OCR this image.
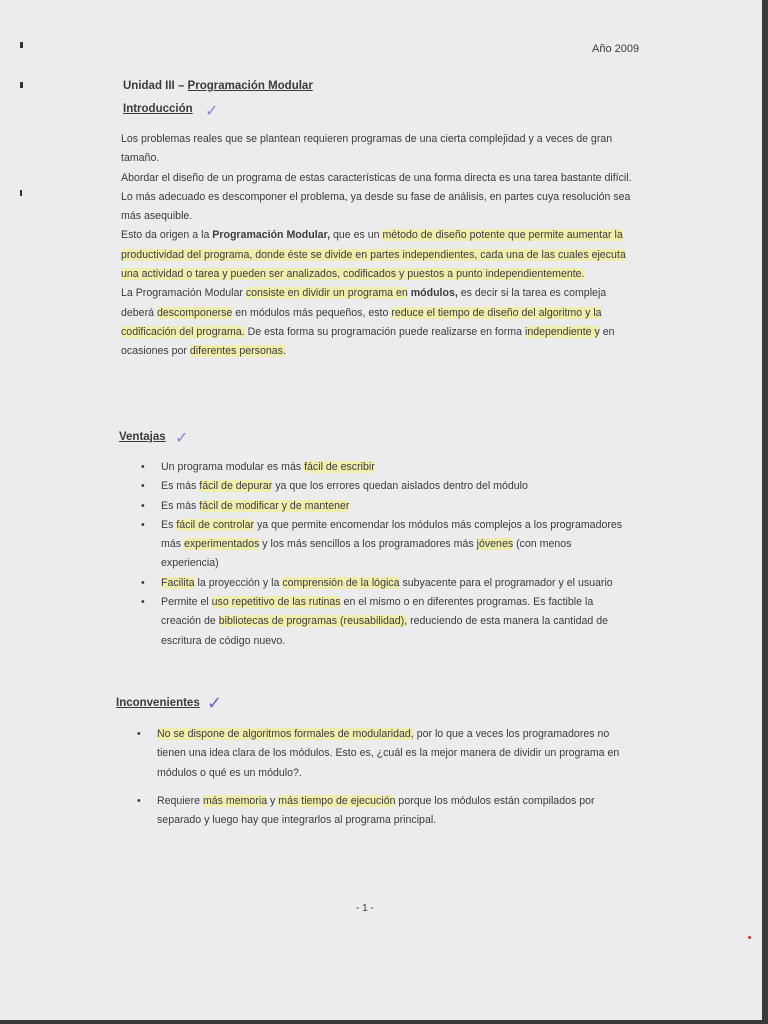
Año 2009
Unidad III – Programación Modular
Introducción ✓

Los problemas reales que se plantean requieren programas de una cierta complejidad y a veces de gran tamaño.

Abordar el diseño de un programa de estas características de una forma directa es una tarea bastante difícil.

Lo más adecuado es descomponer el problema, ya desde su fase de análisis, en partes cuya resolución sea más asequible.

Esto da origen a la Programación Modular, que es un método de diseño potente que permite aumentar la productividad del programa, donde éste se divide en partes independientes, cada una de las cuales ejecuta una actividad o tarea y pueden ser analizados, codificados y puestos a punto independientemente.

La Programación Modular consiste en dividir un programa en módulos, es decir si la tarea es compleja deberá descomponerse en módulos más pequeños, esto reduce el tiempo de diseño del algoritmo y la codificación del programa. De esta forma su programación puede realizarse en forma independiente y en ocasiones por diferentes personas.

Ventajas ✓
• Un programa modular es más fácil de escribir
• Es más fácil de depurar ya que los errores quedan aislados dentro del módulo
• Es más fácil de modificar y de mantener
• Es fácil de controlar ya que permite encomendar los módulos más complejos a los programadores más experimentados y los más sencillos a los programadores más jóvenes (con menos experiencia)
• Facilita la proyección y la comprensión de la lógica subyacente para el programador y el usuario
• Permite el uso repetitivo de las rutinas en el mismo o en diferentes programas. Es factible la creación de bibliotecas de programas (reusabilidad), reduciendo de esta manera la cantidad de escritura de código nuevo.
Inconvenientes ✓
• No se dispone de algoritmos formales de modularidad, por lo que a veces los programadores no tienen una idea clara de los módulos. Esto es, ¿cuál es la mejor manera de dividir un programa en módulos o qué es un módulo?.
• Requiere más memoria y más tiempo de ejecución porque los módulos están compilados por separado y luego hay que integrarlos al programa principal.
- 1 -
